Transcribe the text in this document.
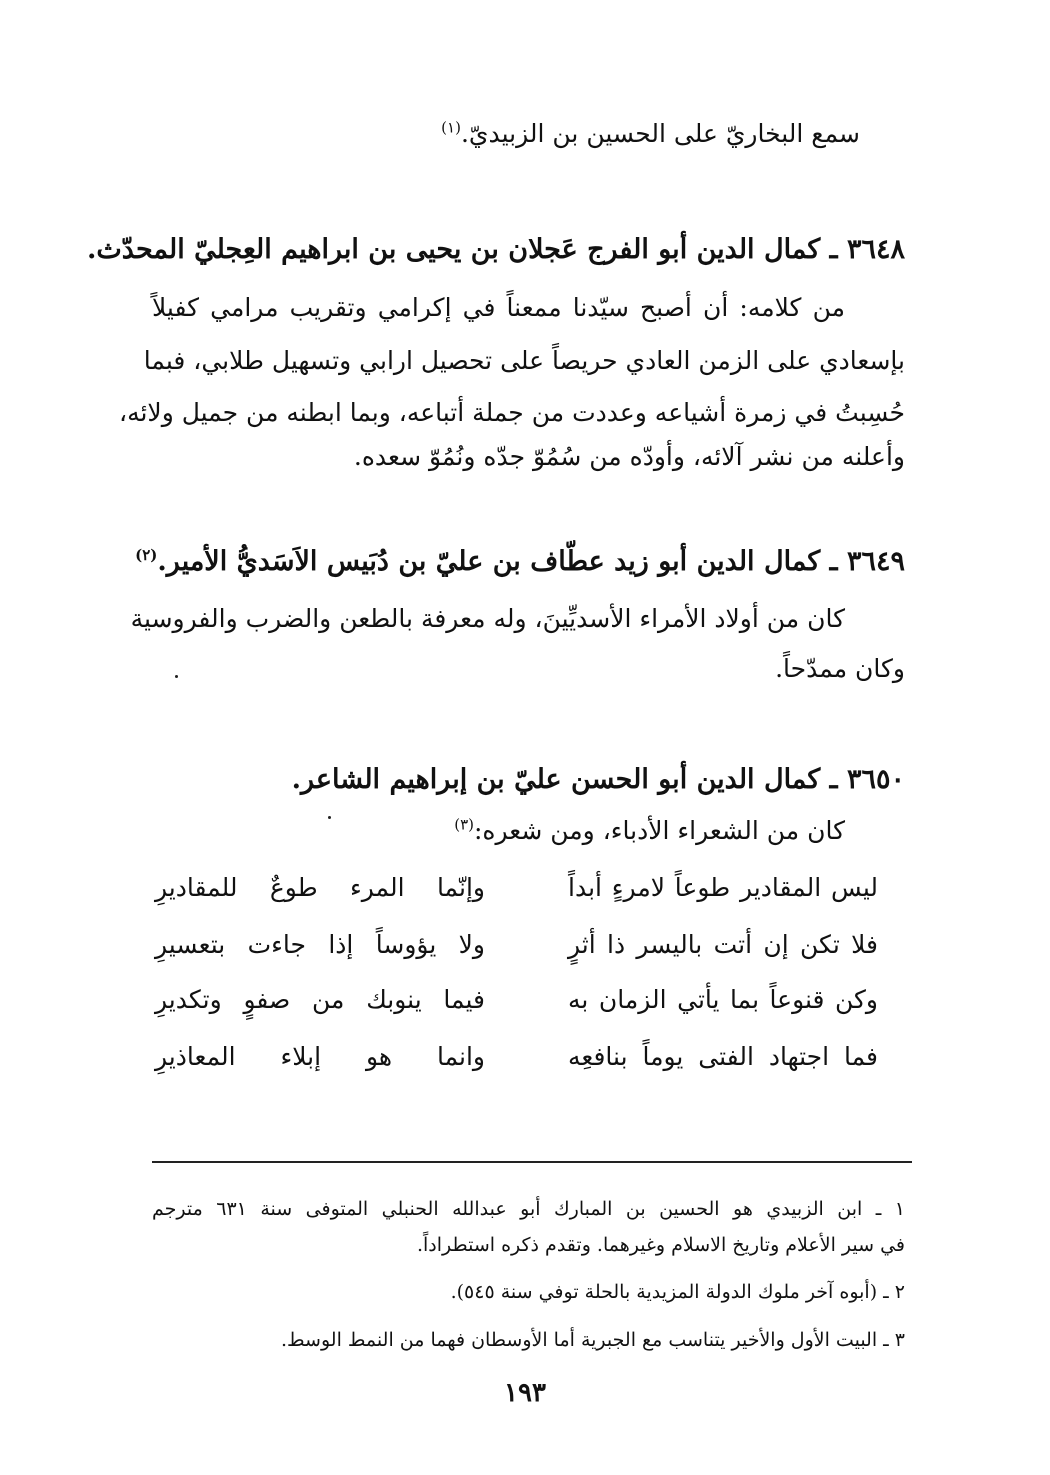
سمع البخاريّ على الحسين بن الزبيديّ.$^{(١)}$
٣٦٤٨ ـ كمال الدين أبو الفرج عَجلان بن يحيى بن ابراهيم العِجليّ المحدّث.
من كلامه: أن أصبح سيّدنا ممعناً في إكرامي وتقريب مرامي كفيلاً
بإسعادي على الزمن العادي حريصاً على تحصيل ارابي وتسهيل طلابي، فبما
حُسِبتُ في زمرة أشياعه وعددت من جملة أتباعه، وبما ابطنه من جميل ولائه،
وأعلنه من نشر آلائه، وأودّه من سُمُوّ جدّه ونُمُوّ سعده.
٣٦٤٩ ـ كمال الدين أبو زيد عطّاف بن عليّ بن دُبَيس الاَسَديُّ الأمير.$^{(٢)}$
كان من أولاد الأمراء الأسديِّينَ، وله معرفة بالطعن والضرب والفروسية
وكان ممدّحاً.
٣٦٥٠ ـ كمال الدين أبو الحسن عليّ بن إبراهيم الشاعر.
كان من الشعراء الأدباء، ومن شعره:$^{(٣)}$
ليس المقادير طوعاً لامرءٍ أبداً
وإنّما المرء طوعٌ للمقاديرِ
فلا تكن إن أتت باليسر ذا أثرٍ
ولا يؤوساً إذا جاءت بتعسيرِ
وكن قنوعاً بما يأتي الزمان به
فيما ينوبك من صفوٍ وتكديرِ
فما اجتهاد الفتى يوماً بنافعِه
وانما هو إبلاء المعاذيرِ
١ ـ ابن الزبيدي هو الحسين بن المبارك أبو عبدالله الحنبلي المتوفى سنة ٦٣١ مترجم
في سير الأعلام وتاريخ الاسلام وغيرهما. وتقدم ذكره استطراداً.
٢ ـ (أبوه آخر ملوك الدولة المزيدية بالحلة توفي سنة ٥٤٥).
٣ ـ البيت الأول والأخير يتناسب مع الجبرية أما الأوسطان فهما من النمط الوسط.
١٩٣
